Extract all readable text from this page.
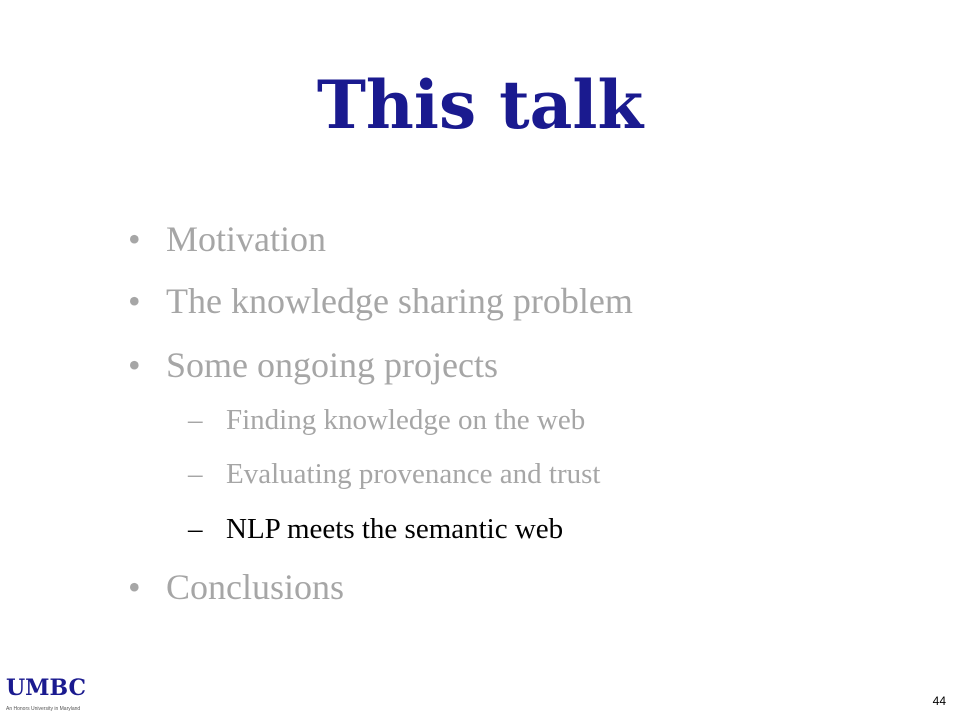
This talk
• Motivation
• The knowledge sharing problem
• Some ongoing projects
– Finding knowledge on the web
– Evaluating provenance and trust
– NLP meets the semantic web
• Conclusions
UMBC
An Honors University in Maryland
44
